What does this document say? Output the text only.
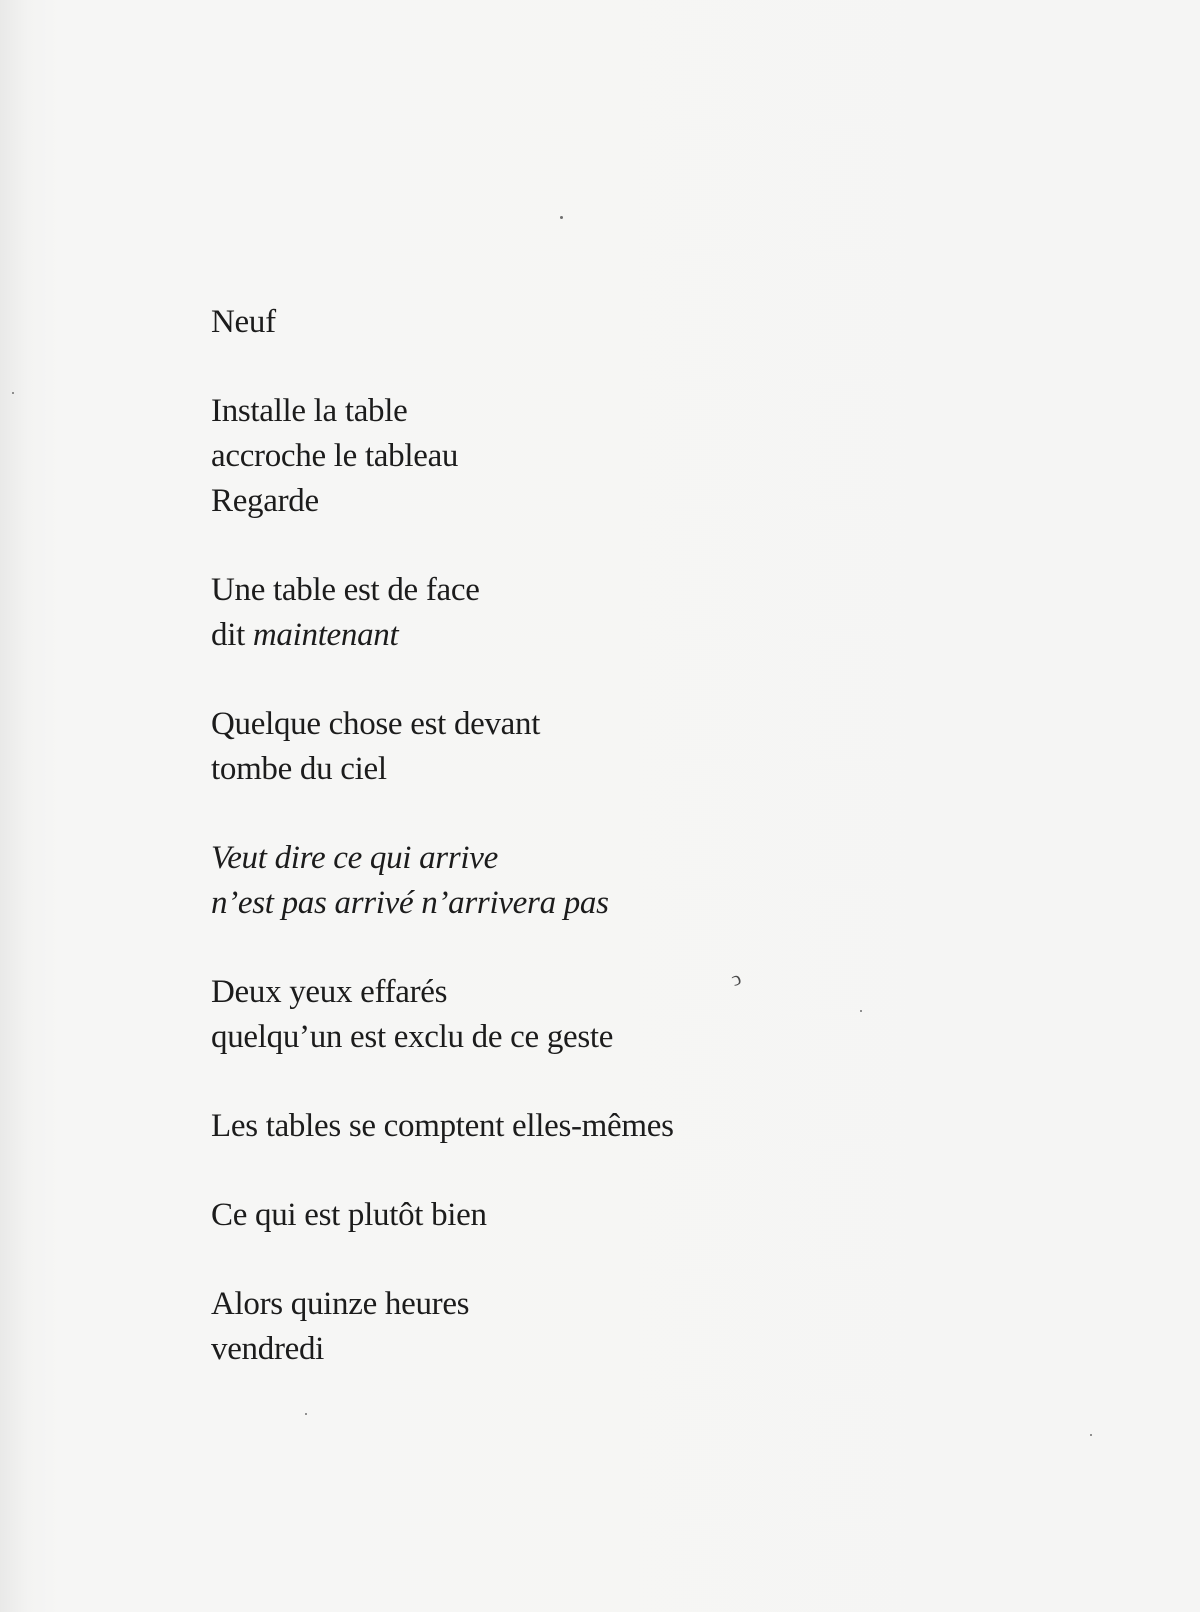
Neuf
Installe la table
accroche le tableau
Regarde
Une table est de face
dit maintenant
Quelque chose est devant
tombe du ciel
Veut dire ce qui arrive
n’est pas arrivé n’arrivera pas
Deux yeux effarés
quelqu’un est exclu de ce geste
Les tables se comptent elles-mêmes
Ce qui est plutôt bien
Alors quinze heures
vendredi
ↄ
